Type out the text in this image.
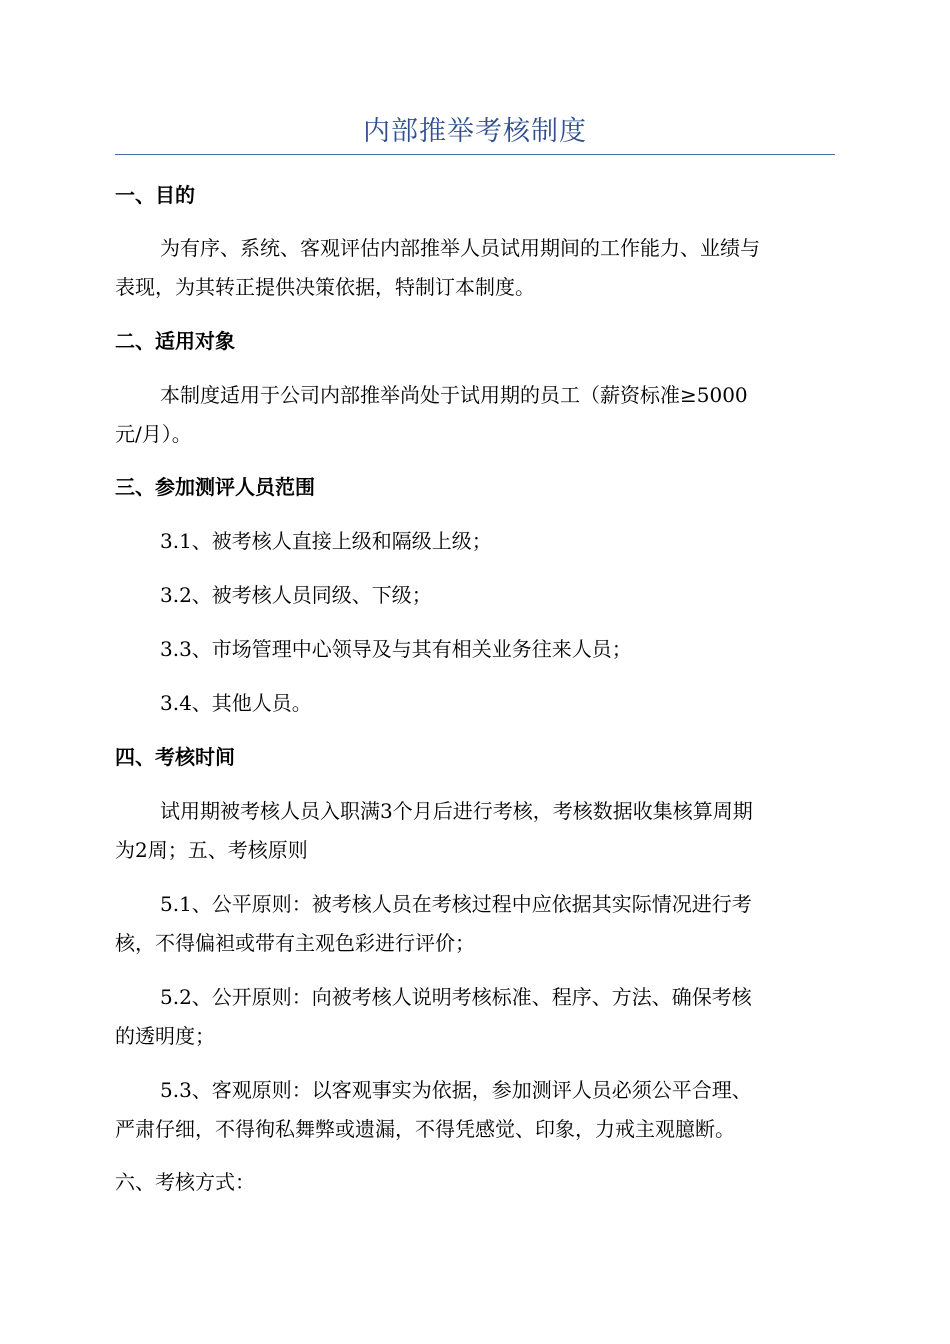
内部推举考核制度
一、目的
为有序、系统、客观评估内部推举人员试用期间的工作能力、业绩与
表现，为其转正提供决策依据，特制订本制度。
二、适用对象
本制度适用于公司内部推举尚处于试用期的员工（薪资标准≥5000
元/月）。
三、参加测评人员范围
3.1、被考核人直接上级和隔级上级；
3.2、被考核人员同级、下级；
3.3、市场管理中心领导及与其有相关业务往来人员；
3.4、其他人员。
四、考核时间
试用期被考核人员入职满3个月后进行考核，考核数据收集核算周期
为2周；五、考核原则
5.1、公平原则：被考核人员在考核过程中应依据其实际情况进行考
核，不得偏袒或带有主观色彩进行评价；
5.2、公开原则：向被考核人说明考核标准、程序、方法、确保考核
的透明度；
5.3、客观原则：以客观事实为依据，参加测评人员必须公平合理、
严肃仔细，不得徇私舞弊或遗漏，不得凭感觉、印象，力戒主观臆断。
六、考核方式：
